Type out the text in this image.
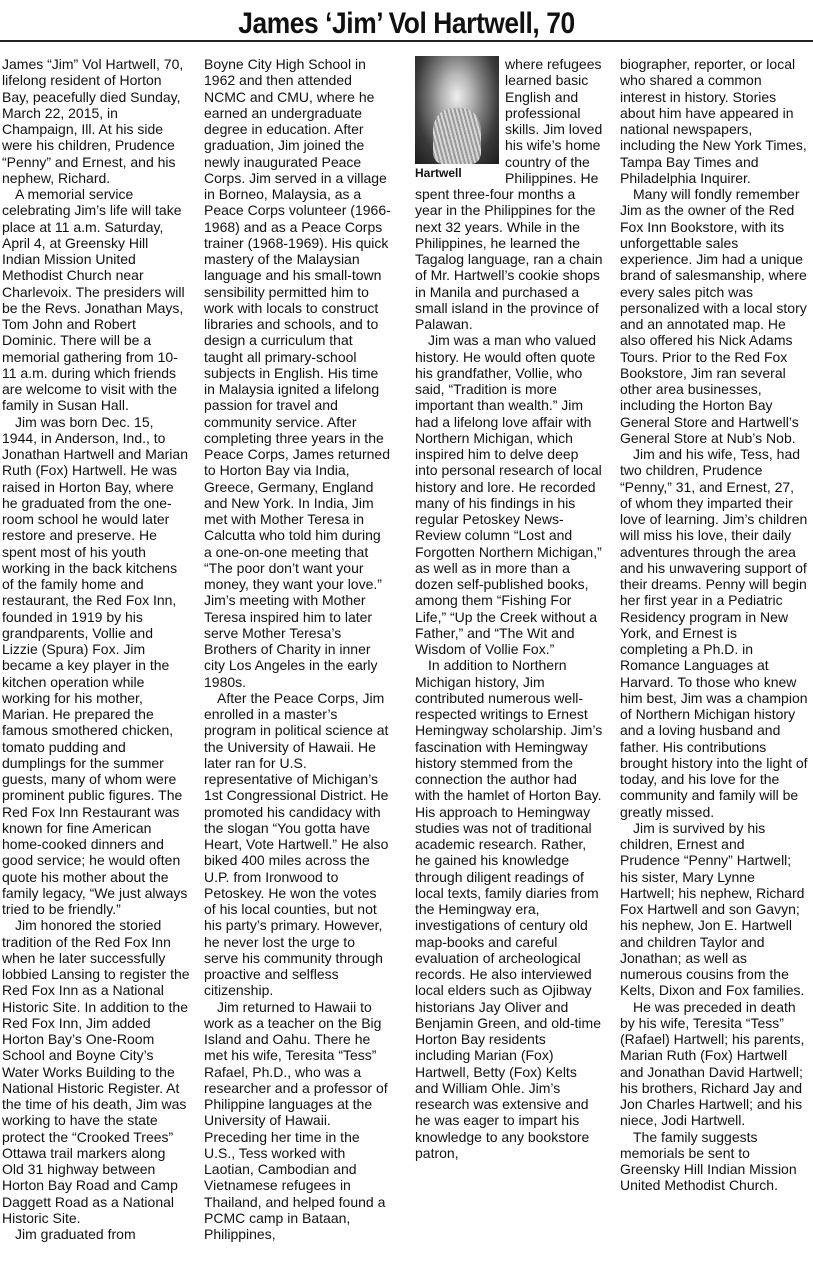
James ‘Jim’ Vol Hartwell, 70

James “Jim” Vol Hartwell, 70, lifelong resident of Horton Bay, peacefully died Sunday, March 22, 2015, in Champaign, Ill. At his side were his children, Prudence “Penny” and Ernest, and his nephew, Richard.

A memorial service celebrating Jim’s life will take place at 11 a.m. Saturday, April 4, at Greensky Hill Indian Mission United Methodist Church near Charlevoix. The presiders will be the Revs. Jonathan Mays, Tom John and Robert Dominic. There will be a memorial gathering from 10-11 a.m. during which friends are welcome to visit with the family in Susan Hall.

Jim was born Dec. 15, 1944, in Anderson, Ind., to Jonathan Hartwell and Marian Ruth (Fox) Hartwell. He was raised in Horton Bay, where he graduated from the one-room school he would later restore and preserve. He spent most of his youth working in the back kitchens of the family home and restaurant, the Red Fox Inn, founded in 1919 by his grandparents, Vollie and Lizzie (Spura) Fox. Jim became a key player in the kitchen operation while working for his mother, Marian. He prepared the famous smothered chicken, tomato pudding and dumplings for the summer guests, many of whom were prominent public figures. The Red Fox Inn Restaurant was known for fine American home-cooked dinners and good service; he would often quote his mother about the family legacy, “We just always tried to be friendly.”

Jim honored the storied tradition of the Red Fox Inn when he later successfully lobbied Lansing to register the Red Fox Inn as a National Historic Site. In addition to the Red Fox Inn, Jim added Horton Bay’s One-Room School and Boyne City’s Water Works Building to the National Historic Register. At the time of his death, Jim was working to have the state protect the “Crooked Trees” Ottawa trail markers along Old 31 highway between Horton Bay Road and Camp Daggett Road as a National Historic Site.

Jim graduated from

Boyne City High School in 1962 and then attended NCMC and CMU, where he earned an undergraduate degree in education. After graduation, Jim joined the newly inaugurated Peace Corps. Jim served in a village in Borneo, Malaysia, as a Peace Corps volunteer (1966-1968) and as a Peace Corps trainer (1968-1969). His quick mastery of the Malaysian language and his small-town sensibility permitted him to work with locals to construct libraries and schools, and to design a curriculum that taught all primary-school subjects in English. His time in Malaysia ignited a lifelong passion for travel and community service. After completing three years in the Peace Corps, James returned to Horton Bay via India, Greece, Germany, England and New York. In India, Jim met with Mother Teresa in Calcutta who told him during a one-on-one meeting that “The poor don’t want your money, they want your love.” Jim’s meeting with Mother Teresa inspired him to later serve Mother Teresa’s Brothers of Charity in inner city Los Angeles in the early 1980s.

After the Peace Corps, Jim enrolled in a master’s program in political science at the University of Hawaii. He later ran for U.S. representative of Michigan’s 1st Congressional District. He promoted his candidacy with the slogan “You gotta have Heart, Vote Hartwell.” He also biked 400 miles across the U.P. from Ironwood to Petoskey. He won the votes of his local counties, but not his party’s primary. However, he never lost the urge to serve his community through proactive and selfless citizenship.

Jim returned to Hawaii to work as a teacher on the Big Island and Oahu. There he met his wife, Teresita “Tess” Rafael, Ph.D., who was a researcher and a professor of Philippine languages at the University of Hawaii. Preceding her time in the U.S., Tess worked with Laotian, Cambodian and Vietnamese refugees in Thailand, and helped found a PCMC camp in Bataan, Philippines,

Hartwell

where refugees learned basic English and professional skills. Jim loved his wife’s home country of the Philippines. He spent three-four months a year in the Philippines for the next 32 years. While in the Philippines, he learned the Tagalog language, ran a chain of Mr. Hartwell’s cookie shops in Manila and purchased a small island in the province of Palawan.

Jim was a man who valued history. He would often quote his grandfather, Vollie, who said, “Tradition is more important than wealth.” Jim had a lifelong love affair with Northern Michigan, which inspired him to delve deep into personal research of local history and lore. He recorded many of his findings in his regular Petoskey News-Review column “Lost and Forgotten Northern Michigan,” as well as in more than a dozen self-published books, among them “Fishing For Life,” “Up the Creek without a Father,” and “The Wit and Wisdom of Vollie Fox.”

In addition to Northern Michigan history, Jim contributed numerous well-respected writings to Ernest Hemingway scholarship. Jim’s fascination with Hemingway history stemmed from the connection the author had with the hamlet of Horton Bay. His approach to Hemingway studies was not of traditional academic research. Rather, he gained his knowledge through diligent readings of local texts, family diaries from the Hemingway era, investigations of century old map-books and careful evaluation of archeological records. He also interviewed local elders such as Ojibway historians Jay Oliver and Benjamin Green, and old-time Horton Bay residents including Marian (Fox) Hartwell, Betty (Fox) Kelts and William Ohle. Jim’s research was extensive and he was eager to impart his knowledge to any bookstore patron,

biographer, reporter, or local who shared a common interest in history. Stories about him have appeared in national newspapers, including the New York Times, Tampa Bay Times and Philadelphia Inquirer.

Many will fondly remember Jim as the owner of the Red Fox Inn Bookstore, with its unforgettable sales experience. Jim had a unique brand of salesmanship, where every sales pitch was personalized with a local story and an annotated map. He also offered his Nick Adams Tours. Prior to the Red Fox Bookstore, Jim ran several other area businesses, including the Horton Bay General Store and Hartwell’s General Store at Nub’s Nob.

Jim and his wife, Tess, had two children, Prudence “Penny,” 31, and Ernest, 27, of whom they imparted their love of learning. Jim’s children will miss his love, their daily adventures through the area and his unwavering support of their dreams. Penny will begin her first year in a Pediatric Residency program in New York, and Ernest is completing a Ph.D. in Romance Languages at Harvard. To those who knew him best, Jim was a champion of Northern Michigan history and a loving husband and father. His contributions brought history into the light of today, and his love for the community and family will be greatly missed.

Jim is survived by his children, Ernest and Prudence “Penny” Hartwell; his sister, Mary Lynne Hartwell; his nephew, Richard Fox Hartwell and son Gavyn; his nephew, Jon E. Hartwell and children Taylor and Jonathan; as well as numerous cousins from the Kelts, Dixon and Fox families.

He was preceded in death by his wife, Teresita “Tess” (Rafael) Hartwell; his parents, Marian Ruth (Fox) Hartwell and Jonathan David Hartwell; his brothers, Richard Jay and Jon Charles Hartwell; and his niece, Jodi Hartwell.

The family suggests memorials be sent to Greensky Hill Indian Mission United Methodist Church.
